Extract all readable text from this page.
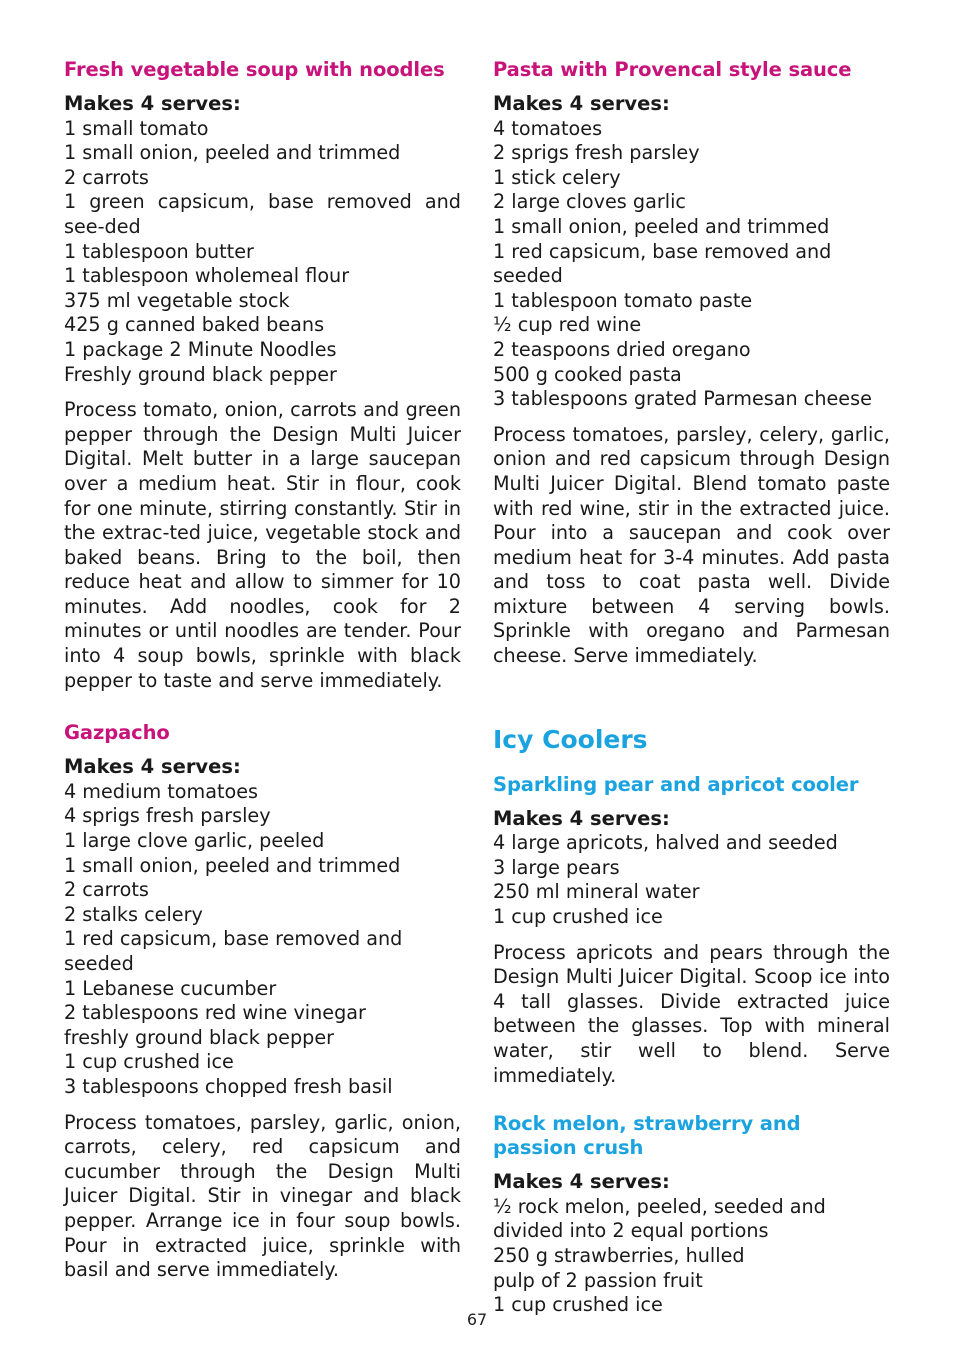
Fresh vegetable soup with noodles
Makes 4 serves:
1 small tomato
1 small onion, peeled and trimmed
2 carrots
1 green capsicum, base removed and see-ded
1 tablespoon butter
1 tablespoon wholemeal flour
375 ml vegetable stock
425 g canned baked beans
1 package 2 Minute Noodles
Freshly ground black pepper
Process tomato, onion, carrots and green pepper through the Design Multi Juicer Digital. Melt butter in a large saucepan over a medium heat. Stir in flour, cook for one minute, stirring constantly. Stir in the extrac-ted juice, vegetable stock and baked beans. Bring to the boil, then reduce heat and allow to simmer for 10 minutes. Add noodles, cook for 2 minutes or until noodles are tender. Pour into 4 soup bowls, sprinkle with black pepper to taste and serve immediately.
Gazpacho
Makes 4 serves:
4 medium tomatoes
4 sprigs fresh parsley
1 large clove garlic, peeled
1 small onion, peeled and trimmed
2 carrots
2 stalks celery
1 red capsicum, base removed and seeded
1 Lebanese cucumber
2 tablespoons red wine vinegar
freshly ground black pepper
1 cup crushed ice
3 tablespoons chopped fresh basil
Process tomatoes, parsley, garlic, onion, carrots, celery, red capsicum and cucumber through the Design Multi Juicer Digital. Stir in vinegar and black pepper. Arrange ice in four soup bowls. Pour in extracted juice, sprinkle with basil and serve immediately.
Pasta with Provencal style sauce
Makes 4 serves:
4 tomatoes
2 sprigs fresh parsley
1 stick celery
2 large cloves garlic
1 small onion, peeled and trimmed
1 red capsicum, base removed and seeded
1 tablespoon tomato paste
½ cup red wine
2 teaspoons dried oregano
500 g cooked pasta
3 tablespoons grated Parmesan cheese
Process tomatoes, parsley, celery, garlic, onion and red capsicum through Design Multi Juicer Digital. Blend tomato paste with red wine, stir in the extracted juice. Pour into a saucepan and cook over medium heat for 3-4 minutes. Add pasta and toss to coat pasta well. Divide mixture between 4 serving bowls. Sprinkle with oregano and Parmesan cheese. Serve immediately.
Icy Coolers
Sparkling pear and apricot cooler
Makes 4 serves:
4 large apricots, halved and seeded
3 large pears
250 ml mineral water
1 cup crushed ice
Process apricots and pears through the Design Multi Juicer Digital. Scoop ice into 4 tall glasses. Divide extracted juice between the glasses. Top with mineral water, stir well to blend. Serve immediately.
Rock melon, strawberry and passion crush
Makes 4 serves:
½ rock melon, peeled, seeded and divided into 2 equal portions
250 g strawberries, hulled
pulp of 2 passion fruit
1 cup crushed ice
67
